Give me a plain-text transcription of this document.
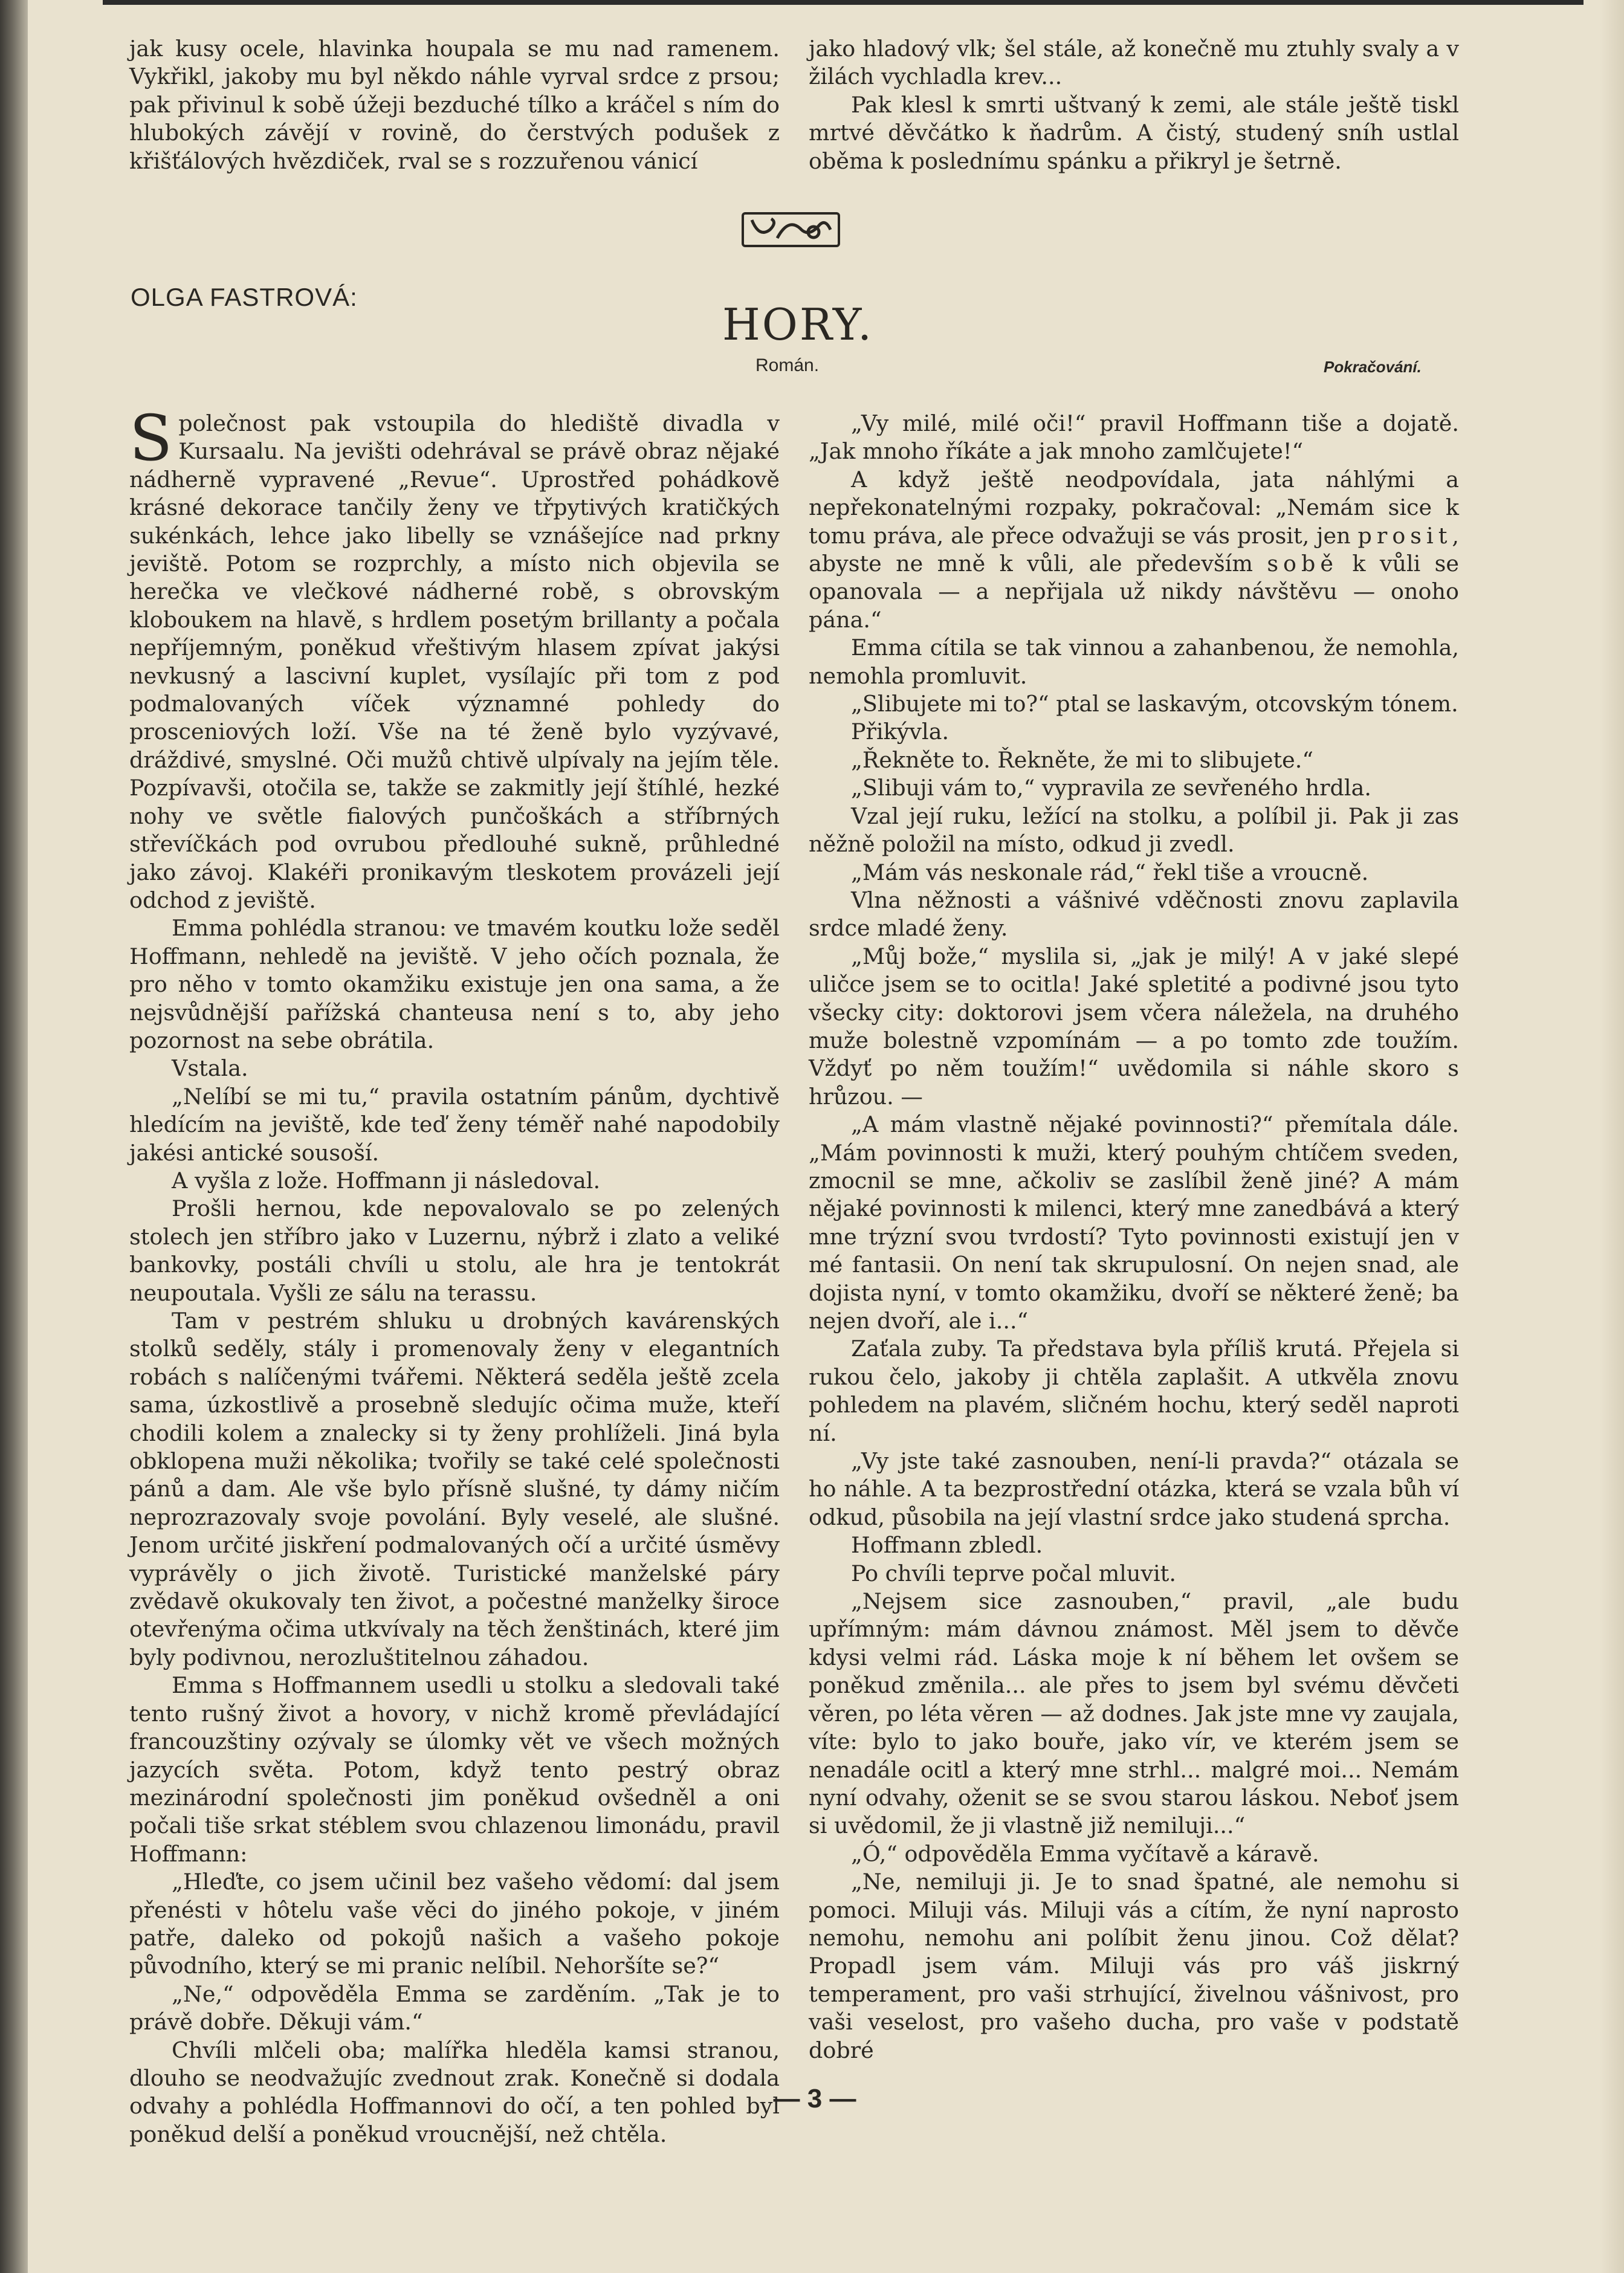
jak kusy ocele, hlavinka houpala se mu nad ramenem. Vykřikl, jakoby mu byl někdo náhle vyrval srdce z prsou; pak přivinul k sobě úžeji bezduché tílko a kráčel s ním do hlubokých závějí v rovině, do čerstvých podušek z křišťálových hvězdiček, rval se s rozzuřenou vánicí

jako hladový vlk; šel stále, až konečně mu ztuhly svaly a v žilách vychladla krev...

Pak klesl k smrti uštvaný k zemi, ale stále ještě tiskl mrtvé děvčátko k ňadrům. A čistý, studený sníh ustlal oběma k poslednímu spánku a přikryl je šetrně.

OLGA FASTROVÁ:
HORY.
Román.	Pokračování.

Společnost pak vstoupila do hlediště divadla v Kursaalu. Na jevišti odehrával se právě obraz nějaké nádherně vypravené „Revue“. Uprostřed pohádkově krásné dekorace tančily ženy ve třpytivých kratičkých sukénkách, lehce jako libelly se vznášejíce nad prkny jeviště. Potom se rozprchly, a místo nich objevila se herečka ve vlečkové nádherné robě, s obrovským kloboukem na hlavě, s hrdlem posetým brillanty a počala nepříjemným, poněkud vřeštivým hlasem zpívat jakýsi nevkusný a lascivní kuplet, vysílajíc při tom z pod podmalovaných víček významné pohledy do prosceniových loží. Vše na té ženě bylo vyzývavé, dráždivé, smyslné. Oči mužů chtivě ulpívaly na jejím těle. Pozpívavši, otočila se, takže se zakmitly její štíhlé, hezké nohy ve světle fialových punčoškách a stříbrných střevíčkách pod ovrubou předlouhé sukně, průhledné jako závoj. Klakéři pronikavým tleskotem provázeli její odchod z jeviště.

Emma pohlédla stranou: ve tmavém koutku lože seděl Hoffmann, nehledě na jeviště. V jeho očích poznala, že pro něho v tomto okamžiku existuje jen ona sama, a že nejsvůdnější pařížská chanteusa není s to, aby jeho pozornost na sebe obrátila.

Vstala.

„Nelíbí se mi tu,“ pravila ostatním pánům, dychtivě hledícím na jeviště, kde teď ženy téměř nahé napodobily jakési antické sousoší.

A vyšla z lože. Hoffmann ji následoval.

Prošli hernou, kde nepovalovalo se po zelených stolech jen stříbro jako v Luzernu, nýbrž i zlato a veliké bankovky, postáli chvíli u stolu, ale hra je tentokrát neupoutala. Vyšli ze sálu na terassu.

Tam v pestrém shluku u drobných kavárenských stolků seděly, stály i promenovaly ženy v elegantních robách s nalíčenými tvářemi. Některá seděla ještě zcela sama, úzkostlivě a prosebně sledujíc očima muže, kteří chodili kolem a znalecky si ty ženy prohlíželi. Jiná byla obklopena muži několika; tvořily se také celé společnosti pánů a dam. Ale vše bylo přísně slušné, ty dámy ničím neprozrazovaly svoje povolání. Byly veselé, ale slušné. Jenom určité jiskření podmalovaných očí a určité úsměvy vyprávěly o jich životě. Turistické manželské páry zvědavě okukovaly ten život, a počestné manželky široce otevřenýma očima utkvívaly na těch ženštinách, které jim byly podivnou, nerozluštitelnou záhadou.

Emma s Hoffmannem usedli u stolku a sledovali také tento rušný život a hovory, v nichž kromě převládající francouzštiny ozývaly se úlomky vět ve všech možných jazycích světa. Potom, když tento pestrý obraz mezinárodní společnosti jim poněkud ovšedněl a oni počali tiše srkat stéblem svou chlazenou limonádu, pravil Hoffmann:

„Hleďte, co jsem učinil bez vašeho vědomí: dal jsem přenésti v hôtelu vaše věci do jiného pokoje, v jiném patře, daleko od pokojů našich a vašeho pokoje původního, který se mi pranic nelíbil. Nehoršíte se?“

„Ne,“ odpověděla Emma se zarděním. „Tak je to právě dobře. Děkuji vám.“

Chvíli mlčeli oba; malířka hleděla kamsi stranou, dlouho se neodvažujíc zvednout zrak. Konečně si dodala odvahy a pohlédla Hoffmannovi do očí, a ten pohled byl poněkud delší a poněkud vroucnější, než chtěla.

„Vy milé, milé oči!“ pravil Hoffmann tiše a dojatě. „Jak mnoho říkáte a jak mnoho zamlčujete!“

A když ještě neodpovídala, jata náhlými a nepřekonatelnými rozpaky, pokračoval: „Nemám sice k tomu práva, ale přece odvažuji se vás prosit, jen prosit, abyste ne mně k vůli, ale především sobě k vůli se opanovala — a nepřijala už nikdy návštěvu — onoho pána.“

Emma cítila se tak vinnou a zahanbenou, že nemohla, nemohla promluvit.

„Slibujete mi to?“ ptal se laskavým, otcovským tónem.

Přikývla.

„Řekněte to. Řekněte, že mi to slibujete.“

„Slibuji vám to,“ vypravila ze sevřeného hrdla.

Vzal její ruku, ležící na stolku, a políbil ji. Pak ji zas něžně položil na místo, odkud ji zvedl.

„Mám vás neskonale rád,“ řekl tiše a vroucně.

Vlna něžnosti a vášnivé vděčnosti znovu zaplavila srdce mladé ženy.

„Můj bože,“ myslila si, „jak je milý! A v jaké slepé uličce jsem se to ocitla! Jaké spletité a podivné jsou tyto všecky city: doktorovi jsem včera náležela, na druhého muže bolestně vzpomínám — a po tomto zde toužím. Vždyť po něm toužím!“ uvědomila si náhle skoro s hrůzou. —

„A mám vlastně nějaké povinnosti?“ přemítala dále. „Mám povinnosti k muži, který pouhým chtíčem sveden, zmocnil se mne, ačkoliv se zaslíbil ženě jiné? A mám nějaké povinnosti k milenci, který mne zanedbává a který mne trýzní svou tvrdostí? Tyto povinnosti existují jen v mé fantasii. On není tak skrupulosní. On nejen snad, ale dojista nyní, v tomto okamžiku, dvoří se některé ženě; ba nejen dvoří, ale i...“

Zaťala zuby. Ta představa byla příliš krutá. Přejela si rukou čelo, jakoby ji chtěla zaplašit. A utkvěla znovu pohledem na plavém, sličném hochu, který seděl naproti ní.

„Vy jste také zasnouben, není-li pravda?“ otázala se ho náhle. A ta bezprostřední otázka, která se vzala bůh ví odkud, působila na její vlastní srdce jako studená sprcha.

Hoffmann zbledl.

Po chvíli teprve počal mluvit.

„Nejsem sice zasnouben,“ pravil, „ale budu upřímným: mám dávnou známost. Měl jsem to děvče kdysi velmi rád. Láska moje k ní během let ovšem se poněkud změnila... ale přes to jsem byl svému děvčeti věren, po léta věren — až dodnes. Jak jste mne vy zaujala, víte: bylo to jako bouře, jako vír, ve kterém jsem se nenadále ocitl a který mne strhl... malgré moi... Nemám nyní odvahy, oženit se se svou starou láskou. Neboť jsem si uvědomil, že ji vlastně již nemiluji...“

„Ó,“ odpověděla Emma vyčítavě a káravě.

„Ne, nemiluji ji. Je to snad špatné, ale nemohu si pomoci. Miluji vás. Miluji vás a cítím, že nyní naprosto nemohu, nemohu ani políbit ženu jinou. Což dělat? Propadl jsem vám. Miluji vás pro váš jiskrný temperament, pro vaši strhující, živelnou vášnivost, pro vaši veselost, pro vašeho ducha, pro vaše v podstatě dobré

— 3 —
